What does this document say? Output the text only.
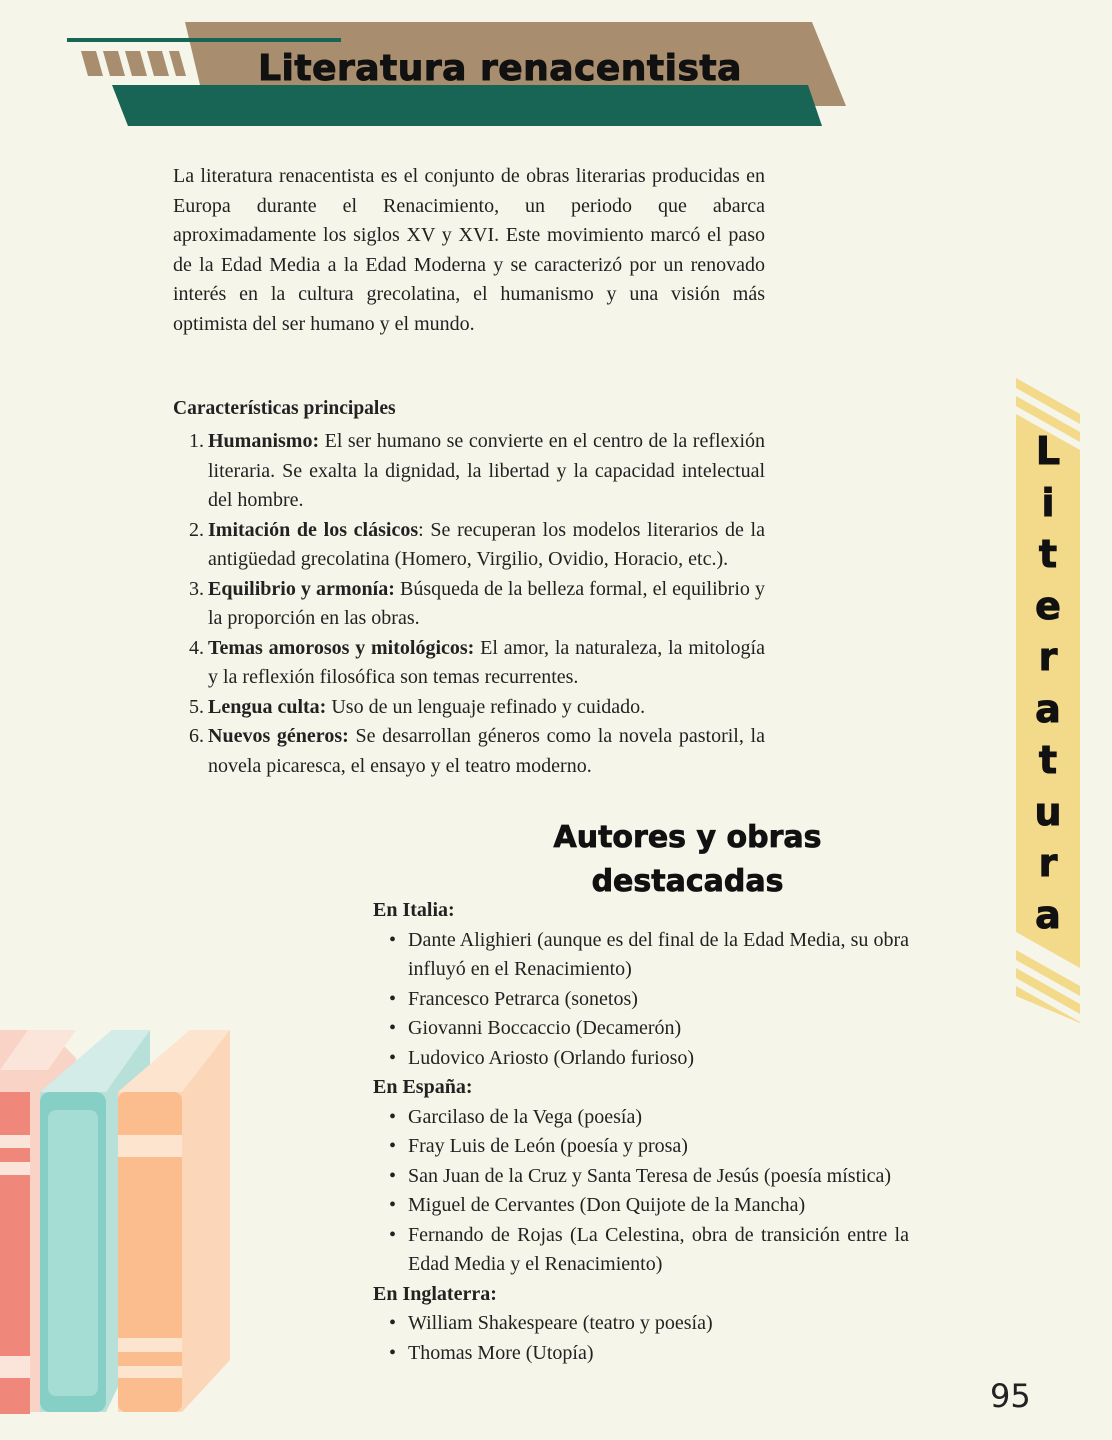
Literatura renacentista

La literatura renacentista es el conjunto de obras literarias producidas en Europa durante el Renacimiento, un periodo que abarca aproximadamente los siglos XV y XVI. Este movimiento marcó el paso de la Edad Media a la Edad Moderna y se caracterizó por un renovado interés en la cultura grecolatina, el humanismo y una visión más optimista del ser humano y el mundo.

Características principales
1. Humanismo: El ser humano se convierte en el centro de la reflexión literaria. Se exalta la dignidad, la libertad y la capacidad intelectual del hombre.
2. Imitación de los clásicos: Se recuperan los modelos literarios de la antigüedad grecolatina (Homero, Virgilio, Ovidio, Horacio, etc.).
3. Equilibrio y armonía: Búsqueda de la belleza formal, el equilibrio y la proporción en las obras.
4. Temas amorosos y mitológicos: El amor, la naturaleza, la mitología y la reflexión filosófica son temas recurrentes.
5. Lengua culta: Uso de un lenguaje refinado y cuidado.
6. Nuevos géneros: Se desarrollan géneros como la novela pastoril, la novela picaresca, el ensayo y el teatro moderno.
Autores y obras
destacadas
En Italia:
• Dante Alighieri (aunque es del final de la Edad Media, su obra influyó en el Renacimiento)
• Francesco Petrarca (sonetos)
• Giovanni Boccaccio (Decamerón)
• Ludovico Ariosto (Orlando furioso)
En España:
• Garcilaso de la Vega (poesía)
• Fray Luis de León (poesía y prosa)
• San Juan de la Cruz y Santa Teresa de Jesús (poesía mística)
• Miguel de Cervantes (Don Quijote de la Mancha)
• Fernando de Rojas (La Celestina, obra de transición entre la Edad Media y el Renacimiento)
En Inglaterra:
• William Shakespeare (teatro y poesía)
• Thomas More (Utopía)
L
i
t
e
r
a
t
u
r
a

95
